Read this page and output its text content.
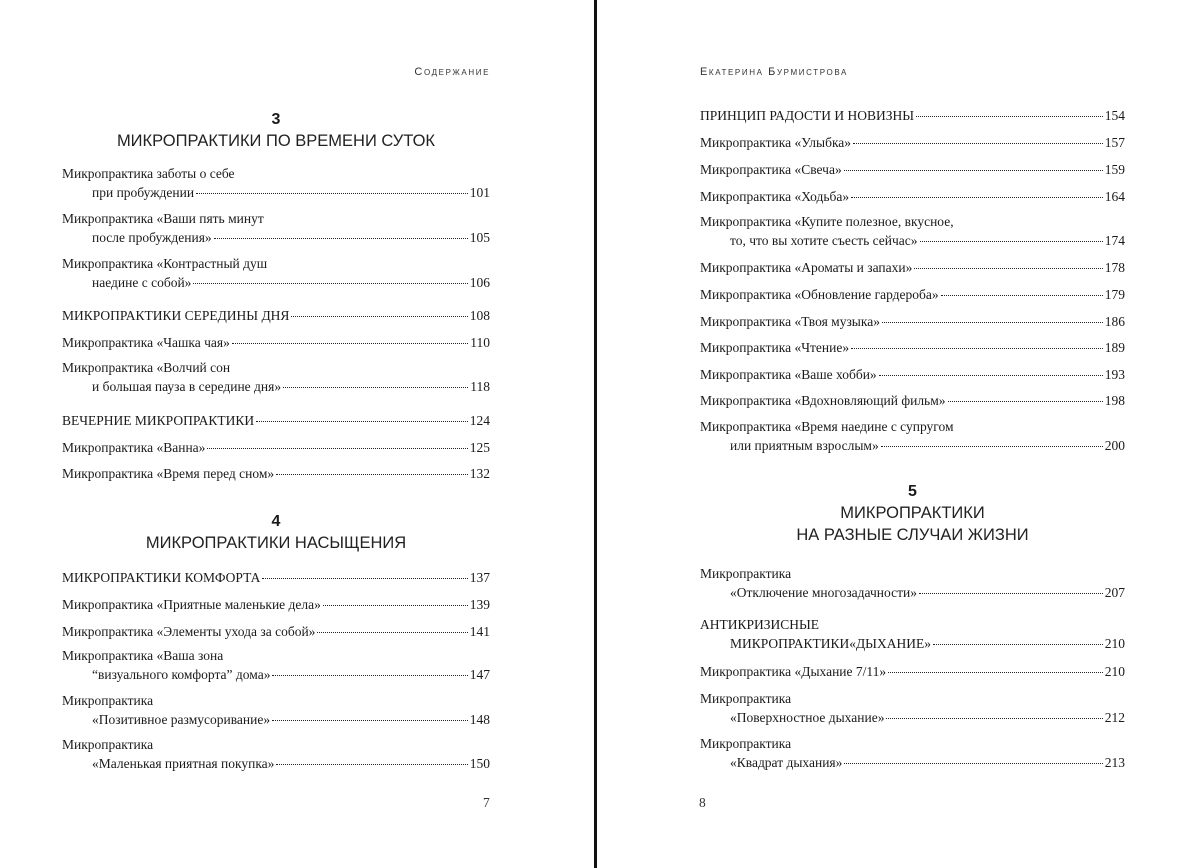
Содержание
3
МИКРОПРАКТИКИ ПО ВРЕМЕНИ СУТОК
4
МИКРОПРАКТИКИ НАСЫЩЕНИЯ
Микропрактика заботы о себе
при пробуждении	101
Микропрактика «Ваши пять минут
после пробуждения»	105
Микропрактика «Контрастный душ
наедине с собой»	106
МИКРОПРАКТИКИ СЕРЕДИНЫ ДНЯ	108
Микропрактика «Чашка чая»	110
Микропрактика «Волчий сон
и большая пауза в середине дня»	118
ВЕЧЕРНИЕ МИКРОПРАКТИКИ	124
Микропрактика «Ванна»	125
Микропрактика «Время перед сном»	132
МИКРОПРАКТИКИ КОМФОРТА	137
Микропрактика «Приятные маленькие дела»	139
Микропрактика «Элементы ухода за собой»	141
Микропрактика «Ваша зона
“визуального комфорта” дома»	147
Микропрактика
«Позитивное размусоривание»	148
Микропрактика
«Маленькая приятная покупка»	150
7
Екатерина Бурмистрова
5
МИКРОПРАКТИКИ
НА РАЗНЫЕ СЛУЧАИ ЖИЗНИ
ПРИНЦИП РАДОСТИ И НОВИЗНЫ	154
Микропрактика «Улыбка»	157
Микропрактика «Свеча»	159
Микропрактика «Ходьба»	164
Микропрактика «Купите полезное, вкусное,
то, что вы хотите съесть сейчас»	174
Микропрактика «Ароматы и запахи»	178
Микропрактика «Обновление гардероба»	179
Микропрактика «Твоя музыка»	186
Микропрактика «Чтение»	189
Микропрактика «Ваше хобби»	193
Микропрактика «Вдохновляющий фильм»	198
Микропрактика «Время наедине с супругом
или приятным взрослым»	200
Микропрактика
«Отключение многозадачности»	207
АНТИКРИЗИСНЫЕ
МИКРОПРАКТИКИ«ДЫХАНИЕ»	210
Микропрактика «Дыхание 7/11»	210
Микропрактика
«Поверхностное дыхание»	212
Микропрактика
«Квадрат дыхания»	213
8
